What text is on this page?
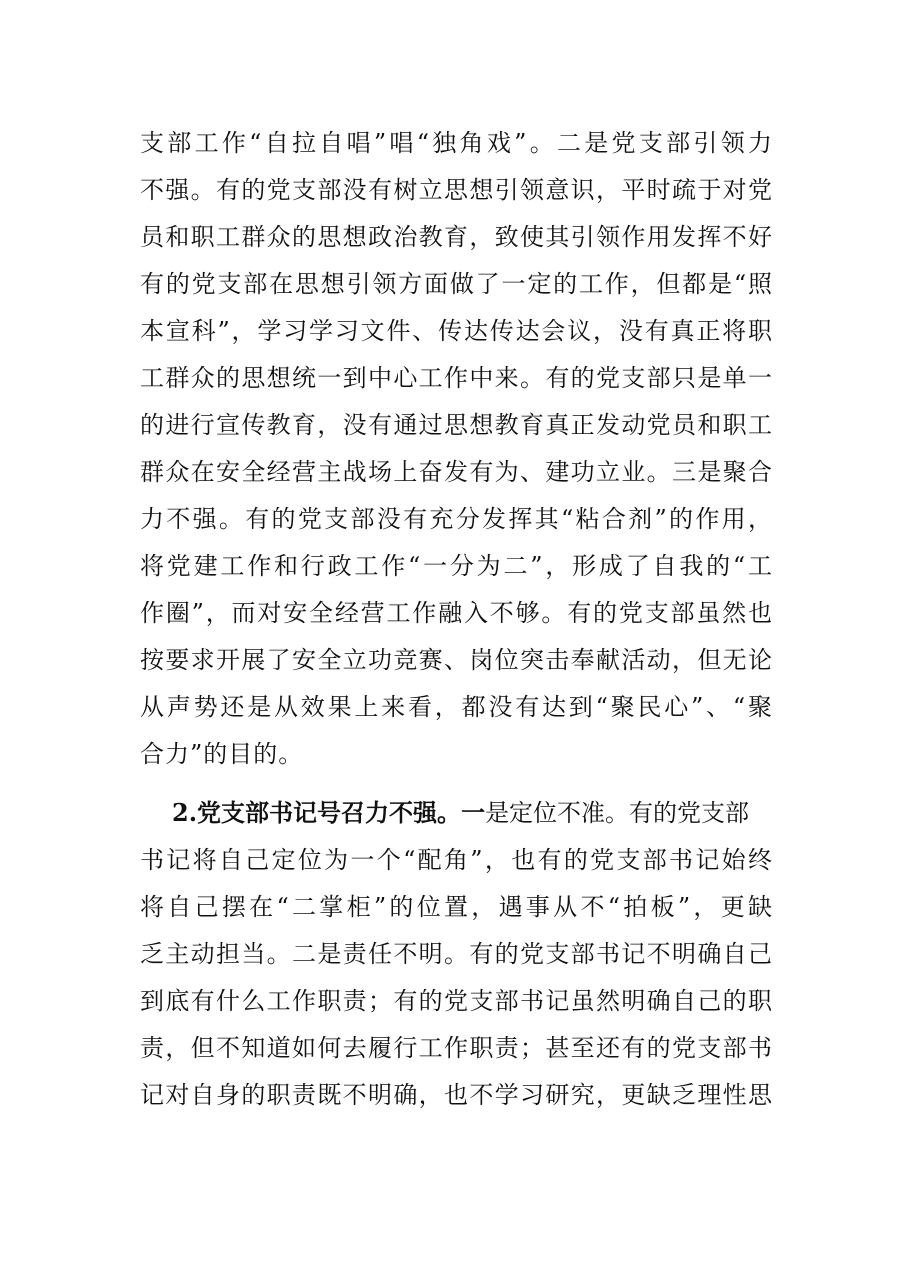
支部工作“自拉自唱”唱“独角戏”。二是党支部引领力
不强。有的党支部没有树立思想引领意识，平时疏于对党
员和职工群众的思想政治教育，致使其引领作用发挥不好
有的党支部在思想引领方面做了一定的工作，但都是“照
本宣科”，学习学习文件、传达传达会议，没有真正将职
工群众的思想统一到中心工作中来。有的党支部只是单一
的进行宣传教育，没有通过思想教育真正发动党员和职工
群众在安全经营主战场上奋发有为、建功立业。三是聚合
力不强。有的党支部没有充分发挥其“粘合剂”的作用，
将党建工作和行政工作“一分为二”，形成了自我的“工
作圈”，而对安全经营工作融入不够。有的党支部虽然也
按要求开展了安全立功竞赛、岗位突击奉献活动，但无论
从声势还是从效果上来看，都没有达到“聚民心”、“聚
合力”的目的。
2.党支部书记号召力不强。一是定位不准。有的党支部
书记将自己定位为一个“配角”，也有的党支部书记始终
将自己摆在“二掌柜”的位置，遇事从不“拍板”，更缺
乏主动担当。二是责任不明。有的党支部书记不明确自己
到底有什么工作职责；有的党支部书记虽然明确自己的职
责，但不知道如何去履行工作职责；甚至还有的党支部书
记对自身的职责既不明确，也不学习研究，更缺乏理性思
